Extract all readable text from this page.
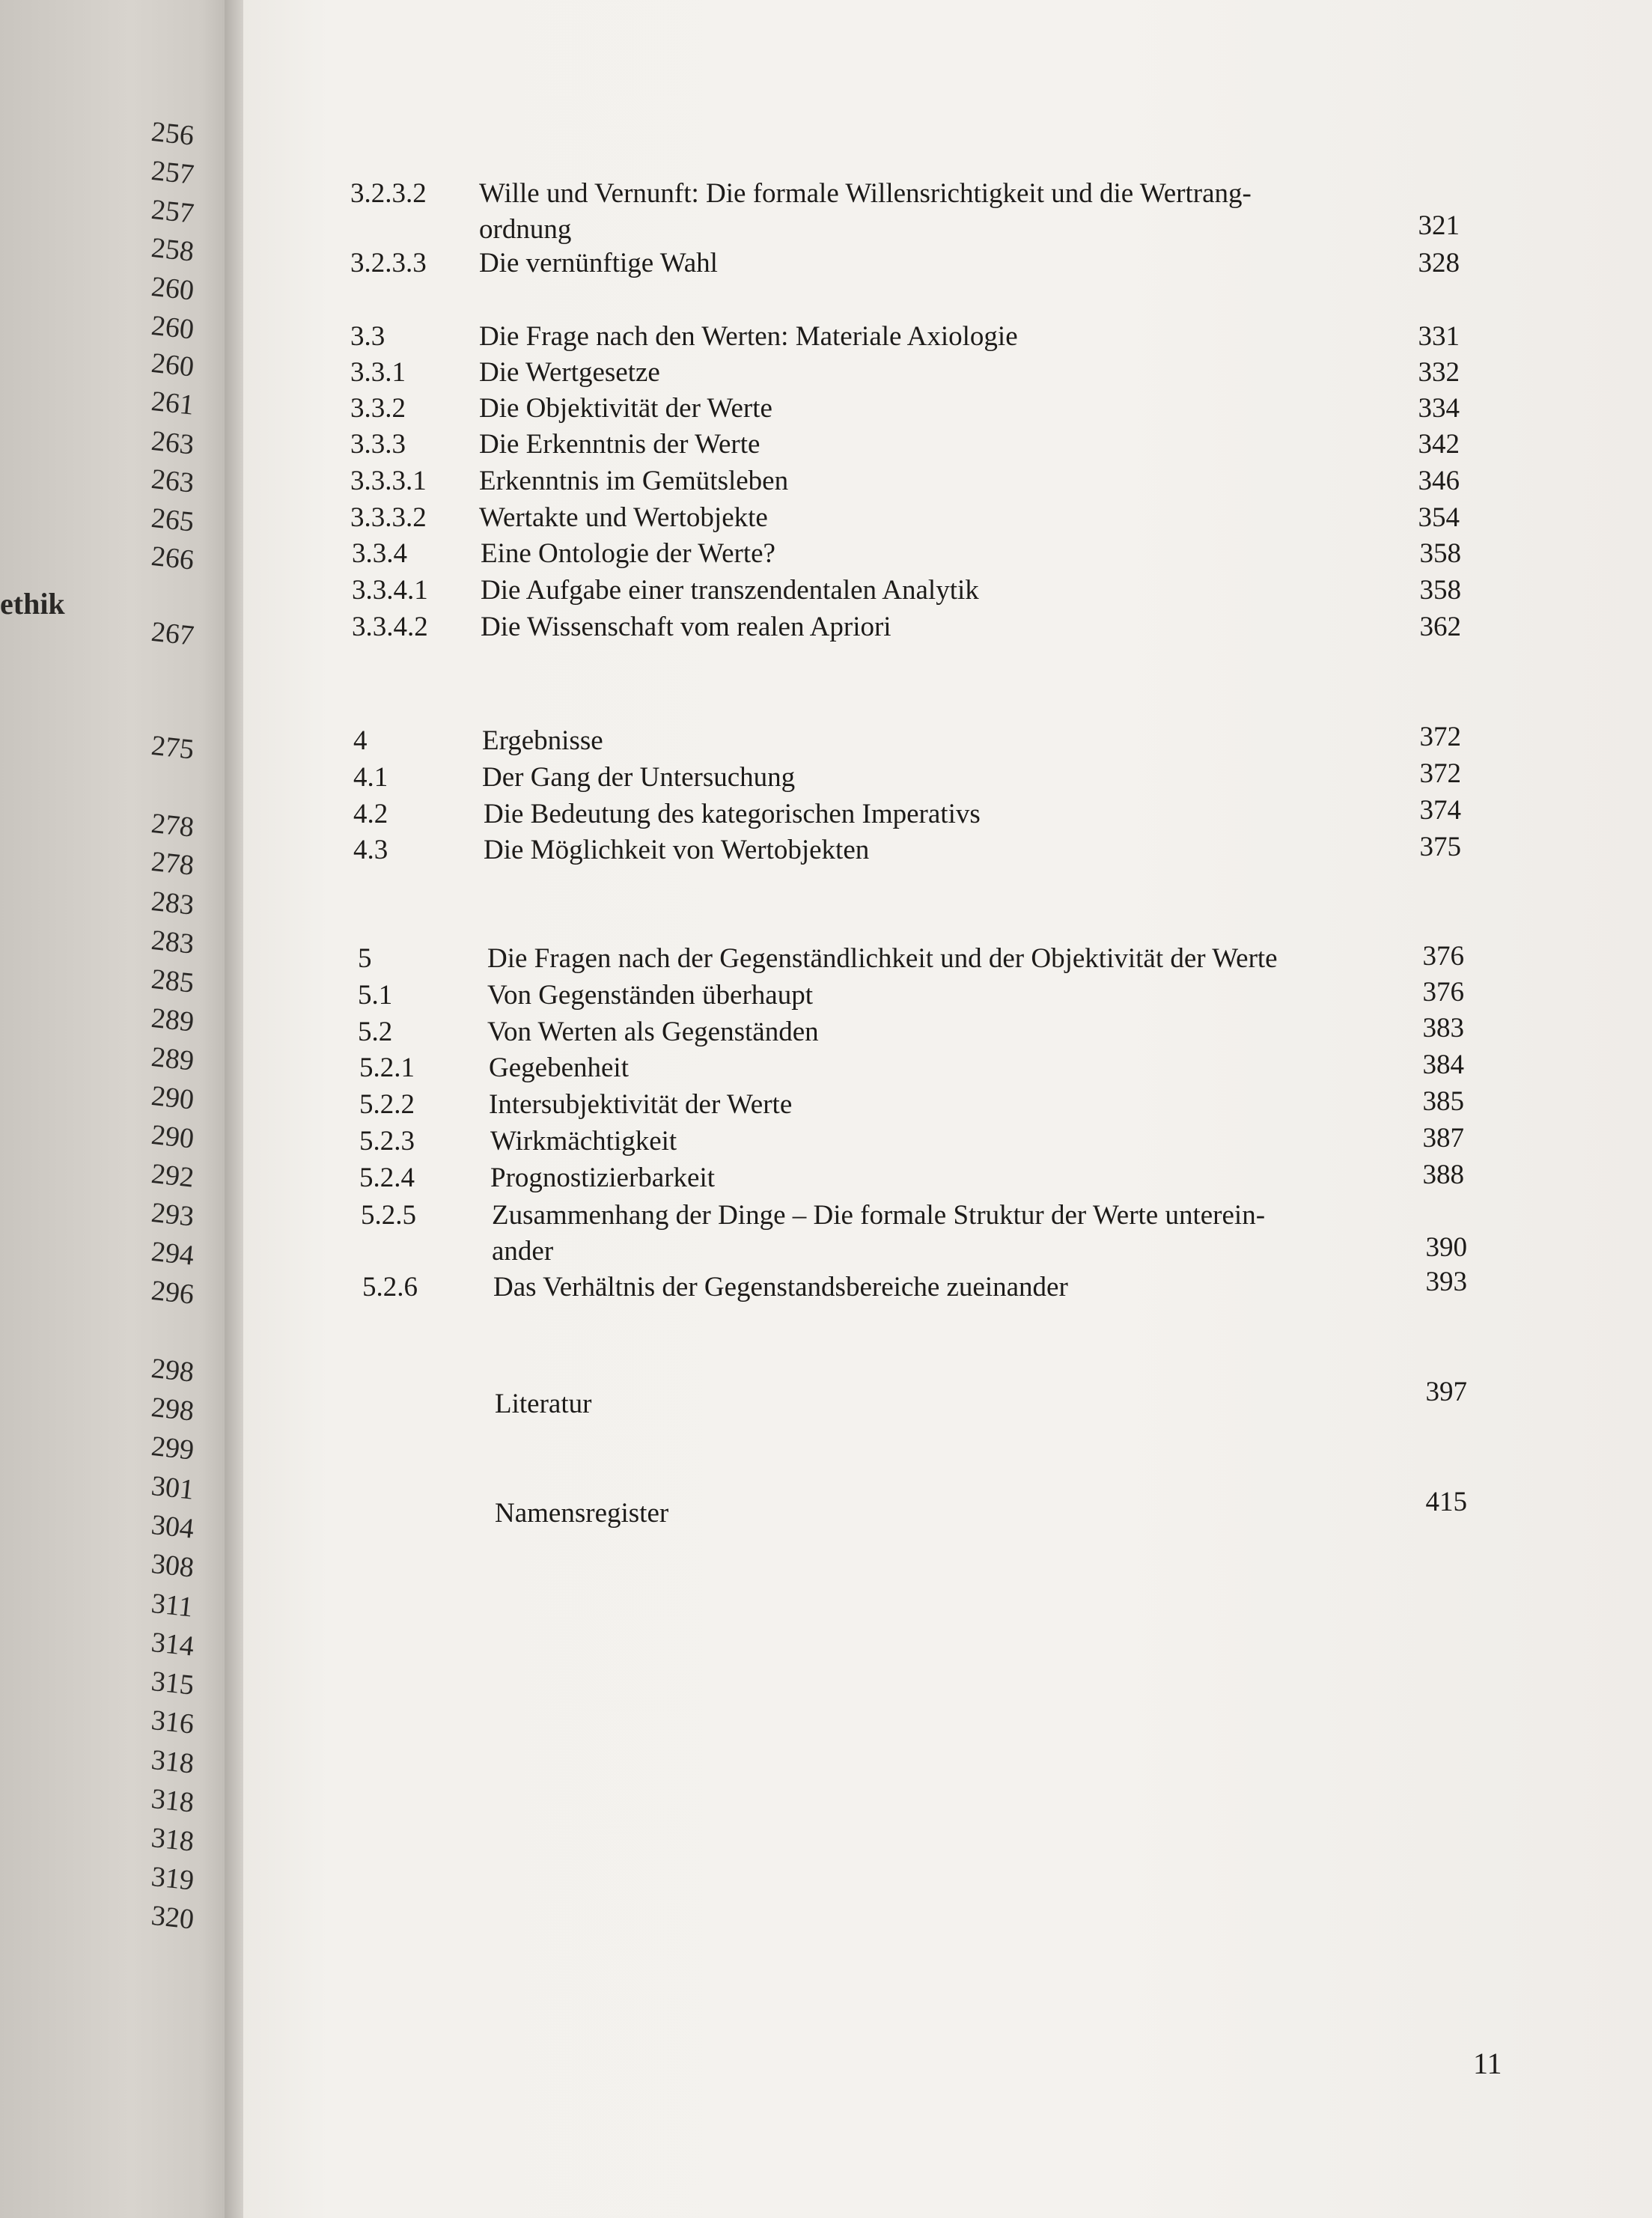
256
257
257
258
260
260
260
261
263
263
265
266
267
275
278
278
283
283
285
289
289
290
290
292
293
294
296
298
298
299
301
304
308
311
314
315
316
318
318
318
319
320
ethik
3.2.3.2 Wille und Vernunft: Die formale Willensrichtigkeit und die Wertrang-
ordnung	321
3.2.3.3 Die vernünftige Wahl	328
3.3	Die Frage nach den Werten: Materiale Axiologie	331
3.3.1	Die Wertgesetze	332
3.3.2	Die Objektivität der Werte	334
3.3.3	Die Erkenntnis der Werte	342
3.3.3.1 Erkenntnis im Gemütsleben	346
3.3.3.2 Wertakte und Wertobjekte	354
3.3.4	Eine Ontologie der Werte?	358
3.3.4.1 Die Aufgabe einer transzendentalen Analytik	358
3.3.4.2 Die Wissenschaft vom realen Apriori	362
4	Ergebnisse	372
4.1	Der Gang der Untersuchung	372
4.2	Die Bedeutung des kategorischen Imperativs	374
4.3	Die Möglichkeit von Wertobjekten	375
5	Die Fragen nach der Gegenständlichkeit und der Objektivität der Werte	376
5.1	Von Gegenständen überhaupt	376
5.2	Von Werten als Gegenständen	383
5.2.1	Gegebenheit	384
5.2.2	Intersubjektivität der Werte	385
5.2.3	Wirkmächtigkeit	387
5.2.4	Prognostizierbarkeit	388
5.2.5	Zusammenhang der Dinge – Die formale Struktur der Werte unterein-
ander	390
5.2.6	Das Verhältnis der Gegenstandsbereiche zueinander	393
Literatur	397
Namensregister	415
11
